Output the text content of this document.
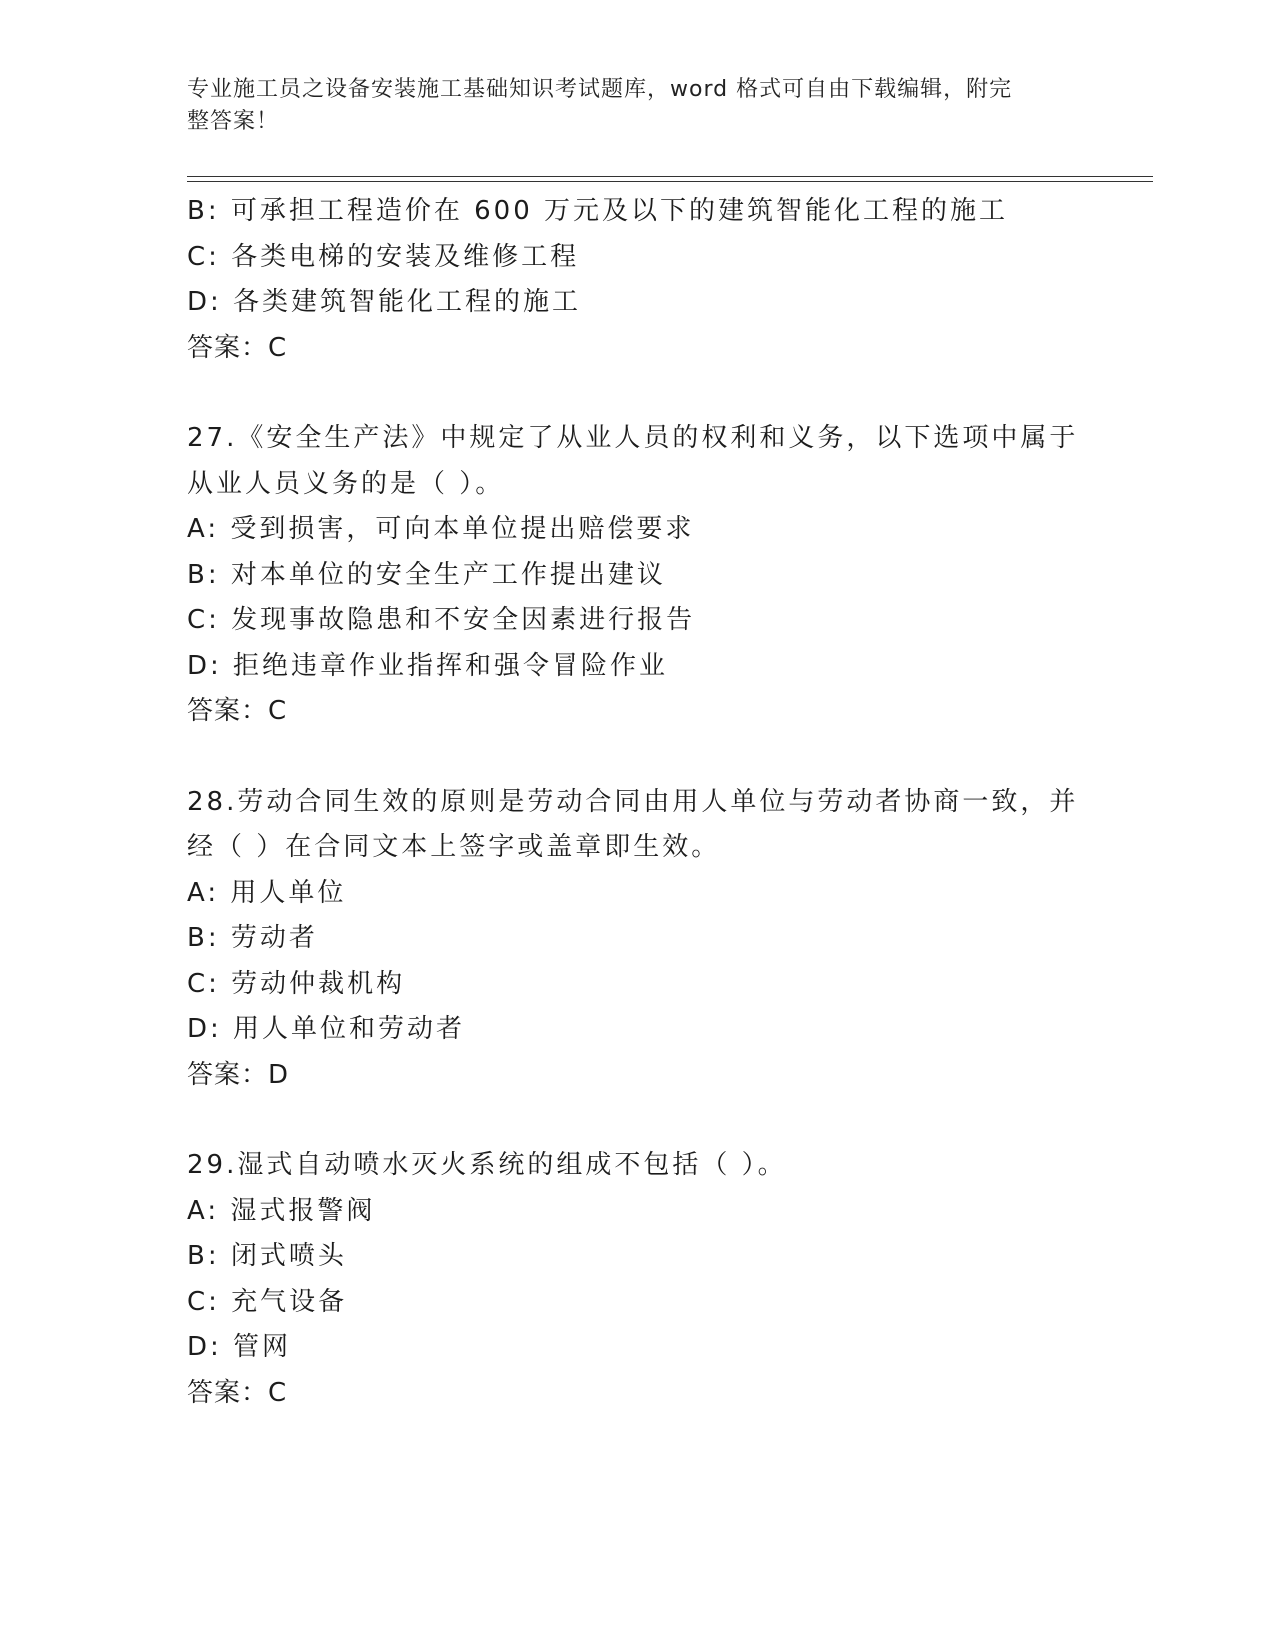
专业施工员之设备安装施工基础知识考试题库，word 格式可自由下载编辑，附完
整答案！
B: 可承担工程造价在 600 万元及以下的建筑智能化工程的施工
C: 各类电梯的安装及维修工程
D: 各类建筑智能化工程的施工
答案：C
27.《安全生产法》中规定了从业人员的权利和义务，以下选项中属于
从业人员义务的是（ ）。
A: 受到损害，可向本单位提出赔偿要求
B: 对本单位的安全生产工作提出建议
C: 发现事故隐患和不安全因素进行报告
D: 拒绝违章作业指挥和强令冒险作业
答案：C
28.劳动合同生效的原则是劳动合同由用人单位与劳动者协商一致，并
经（ ）在合同文本上签字或盖章即生效。
A: 用人单位
B: 劳动者
C: 劳动仲裁机构
D: 用人单位和劳动者
答案：D
29.湿式自动喷水灭火系统的组成不包括（ ）。
A: 湿式报警阀
B: 闭式喷头
C: 充气设备
D: 管网
答案：C
